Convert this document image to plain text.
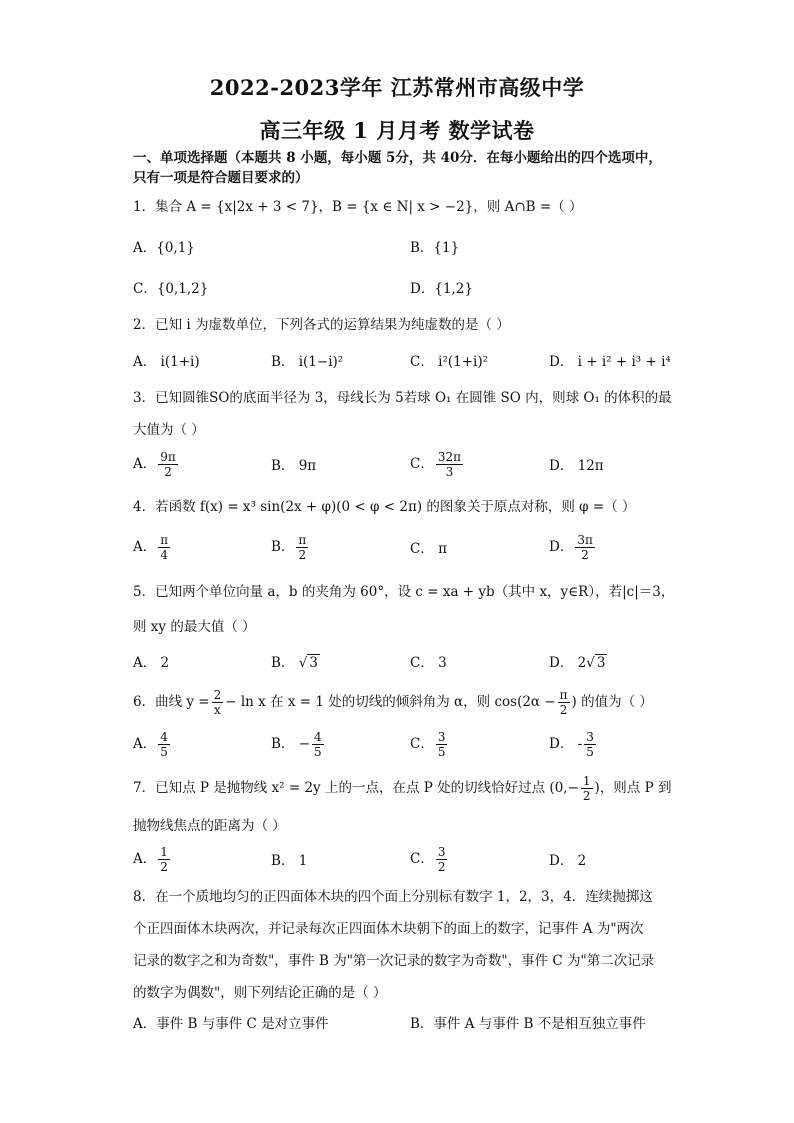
2022-2023学年 江苏常州市高级中学
高三年级 1 月月考 数学试卷
一、单项选择题（本题共 8 小题，每小题 5分，共 40分．在每小题给出的四个选项中，
只有一项是符合题目要求的）
1．集合 A = {x|2x + 3 < 7}，B = {x ∈ N| x > −2}，则 A∩B =（ ）
A．{0,1}	B．{1}
C．{0,1,2}	D．{1,2}
2．已知 i 为虚数单位，下列各式的运算结果为纯虚数的是（ ）
A． i(1+i)	B． i(1−i)²	C． i²(1+i)²	D． i + i² + i³ + i⁴
3．已知圆锥SO的底面半径为 3，母线长为 5若球 O₁ 在圆锥 SO 内，则球 O₁ 的体积的最
大值为（ ）
A． $\frac{9\pi}{2}$	B． 9π	C． $\frac{32\pi}{3}$	D． 12π
4．若函数 f(x) = x³ sin(2x + φ)(0 < φ < 2π) 的图象关于原点对称，则 φ =（ ）
A． $\frac{\pi}{4}$	B． $\frac{\pi}{2}$	C． π	D． $\frac{3\pi}{2}$
5．已知两个单位向量 a，b 的夹角为 60°，设 c = xa + yb（其中 x，y∈R），若|c|＝3，
则 xy 的最大值（ ）
A． 2	B． √ 3	C． 3	D． 2√ 3
6．曲线 $y = \frac{2}{x} - \ln x$ 在 x = 1 处的切线的倾斜角为 α，则 $\cos(2\alpha - \frac{\pi}{2}$ ) 的值为（ ）
A． $\frac{4}{5}$	B． − $\frac{4}{5}$	C． $\frac{3}{5}$	D． - $\frac{3}{5}$
7．已知点 P 是抛物线 x² = 2y 上的一点，在点 P 处的切线恰好过点 ($0,- \frac{1}{2}$ )，则点 P 到
抛物线焦点的距离为（ ）
A． $\frac{1}{2}$	B． 1	C． $\frac{3}{2}$	D． 2
8．在一个质地均匀的正四面体木块的四个面上分别标有数字 1，2，3，4．连续抛掷这
个正四面体木块两次，并记录每次正四面体木块朝下的面上的数字，记事件 A 为"两次
记录的数字之和为奇数"，事件 B 为"第一次记录的数字为奇数"，事件 C 为"第二次记录
的数字为偶数"，则下列结论正确的是（ ）
A．事件 B 与事件 C 是对立事件	B．事件 A 与事件 B 不是相互独立事件
